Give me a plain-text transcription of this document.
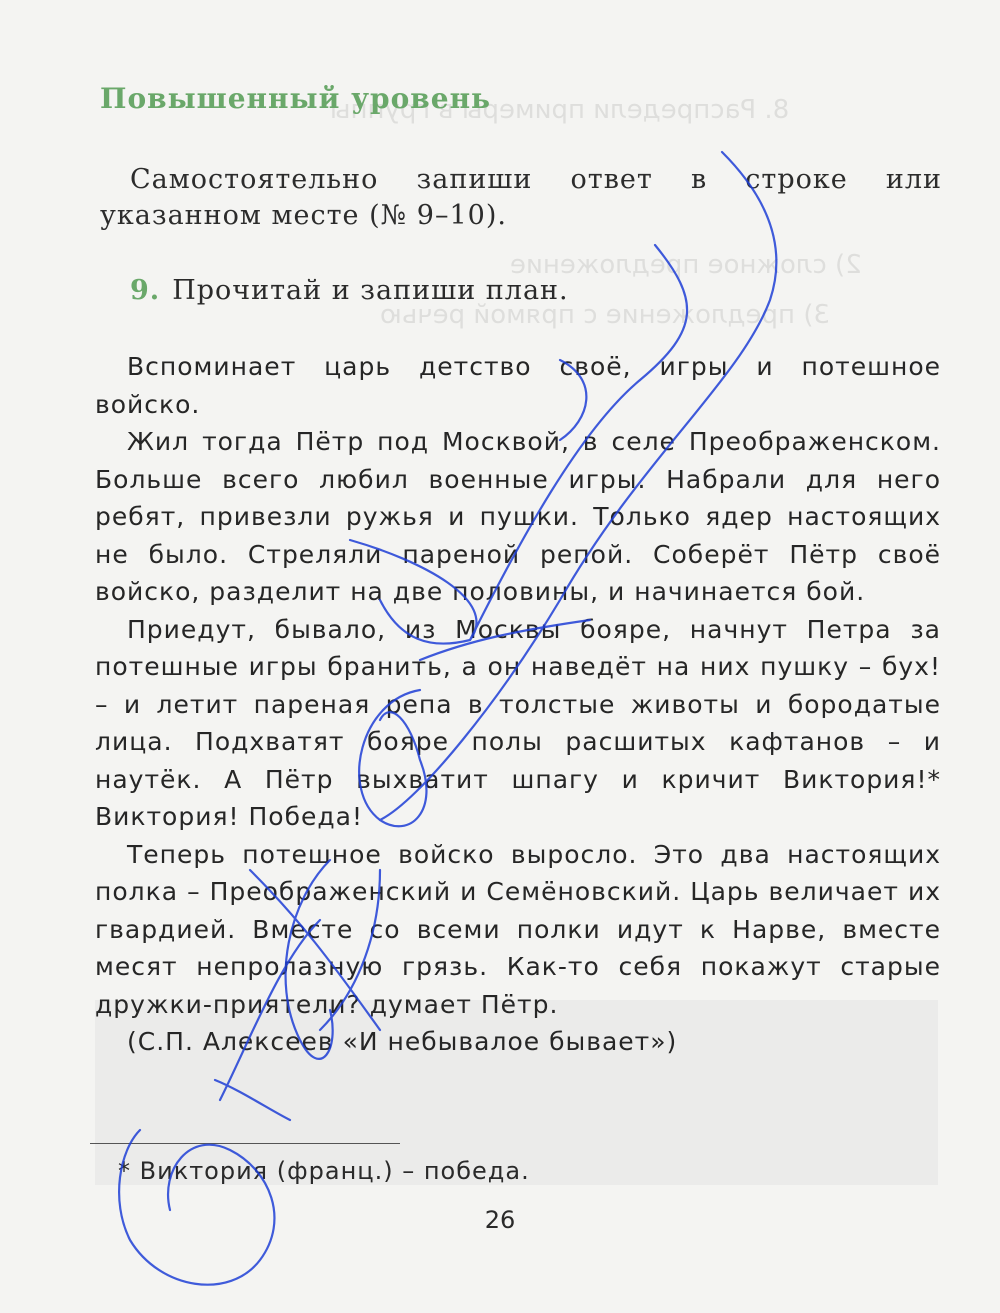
8. Распредели примеры в группы
2) сложное предложение
3) предложение с прямой речью
Повышенный уровень

Самостоятельно запиши ответ в строке или указанном месте (№ 9–10).

9. Прочитай и запиши план.

Вспоминает царь детство своё, игры и потешное войско.

Жил тогда Пётр под Москвой, в селе Преображенском. Больше всего любил военные игры. Набрали для него ребят, привезли ружья и пушки. Только ядер настоящих не было. Стреляли пареной репой. Соберёт Пётр своё войско, разделит на две половины, и начинается бой.

Приедут, бывало, из Москвы бояре, начнут Петра за потешные игры бранить, а он наведёт на них пушку – бух! – и летит пареная репа в толстые животы и бородатые лица. Подхватят бояре полы расшитых кафтанов – и наутёк. А Пётр выхватит шпагу и кричит Виктория!* Виктория! Победа!

Теперь потешное войско выросло. Это два настоящих полка – Преображенский и Семёновский. Царь величает их гвардией. Вместе со всеми полки идут к Нарве, вместе месят непролазную грязь. Как-то себя покажут старые дружки-приятели? думает Пётр.

(С.П. Алексеев «И небывалое бывает»)

* Виктория (франц.) – победа.
26
